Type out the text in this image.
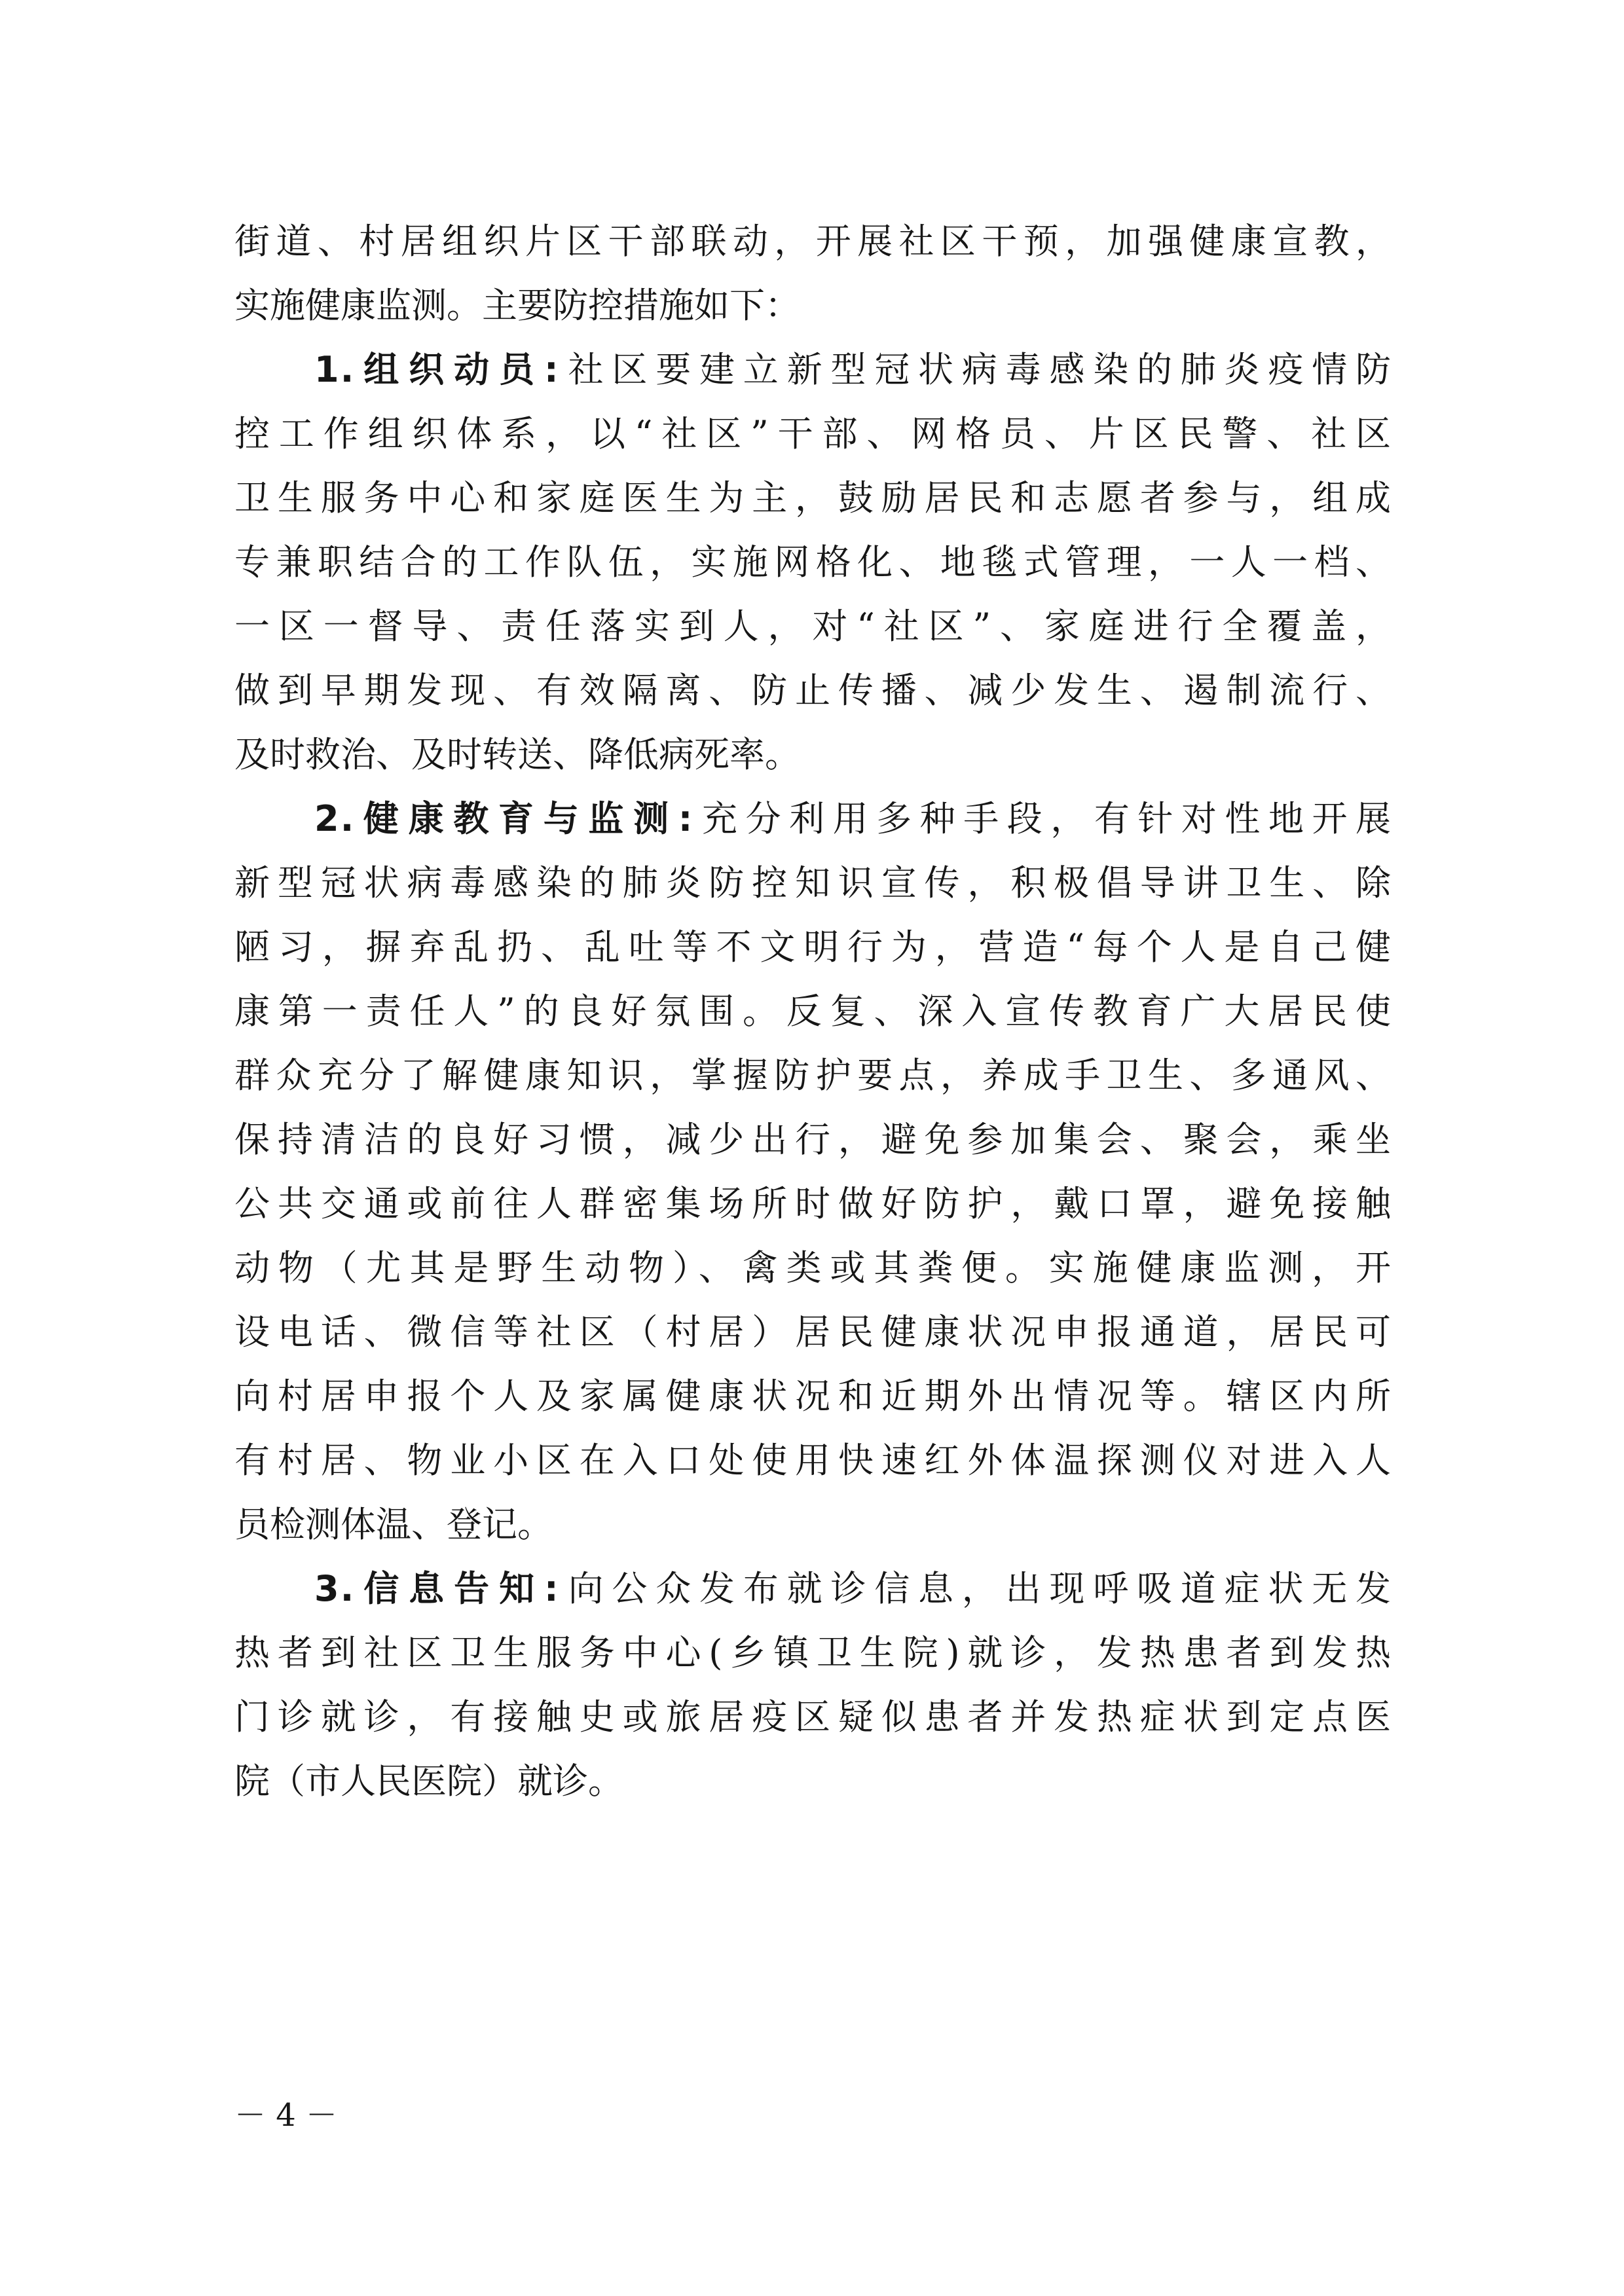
街道、村居组织片区干部联动，开展社区干预，加强健康宣教，
实施健康监测。主要防控措施如下：
1.组织动员:社区要建立新型冠状病毒感染的肺炎疫情防
控工作组织体系，以“社区”干部、网格员、片区民警、社区
卫生服务中心和家庭医生为主，鼓励居民和志愿者参与，组成
专兼职结合的工作队伍，实施网格化、地毯式管理，一人一档、
一区一督导、责任落实到人，对“社区”、家庭进行全覆盖，
做到早期发现、有效隔离、防止传播、减少发生、遏制流行、
及时救治、及时转送、降低病死率。
2.健康教育与监测:充分利用多种手段，有针对性地开展
新型冠状病毒感染的肺炎防控知识宣传，积极倡导讲卫生、除
陋习，摒弃乱扔、乱吐等不文明行为，营造“每个人是自己健
康第一责任人”的良好氛围。反复、深入宣传教育广大居民使
群众充分了解健康知识，掌握防护要点，养成手卫生、多通风、
保持清洁的良好习惯，减少出行，避免参加集会、聚会，乘坐
公共交通或前往人群密集场所时做好防护，戴口罩，避免接触
动物（尤其是野生动物）、禽类或其粪便。实施健康监测，开
设电话、微信等社区（村居）居民健康状况申报通道，居民可
向村居申报个人及家属健康状况和近期外出情况等。辖区内所
有村居、物业小区在入口处使用快速红外体温探测仪对进入人
员检测体温、登记。
3.信息告知:向公众发布就诊信息，出现呼吸道症状无发
热者到社区卫生服务中心(乡镇卫生院)就诊，发热患者到发热
门诊就诊，有接触史或旅居疫区疑似患者并发热症状到定点医
院（市人民医院）就诊。
－ 4 －
